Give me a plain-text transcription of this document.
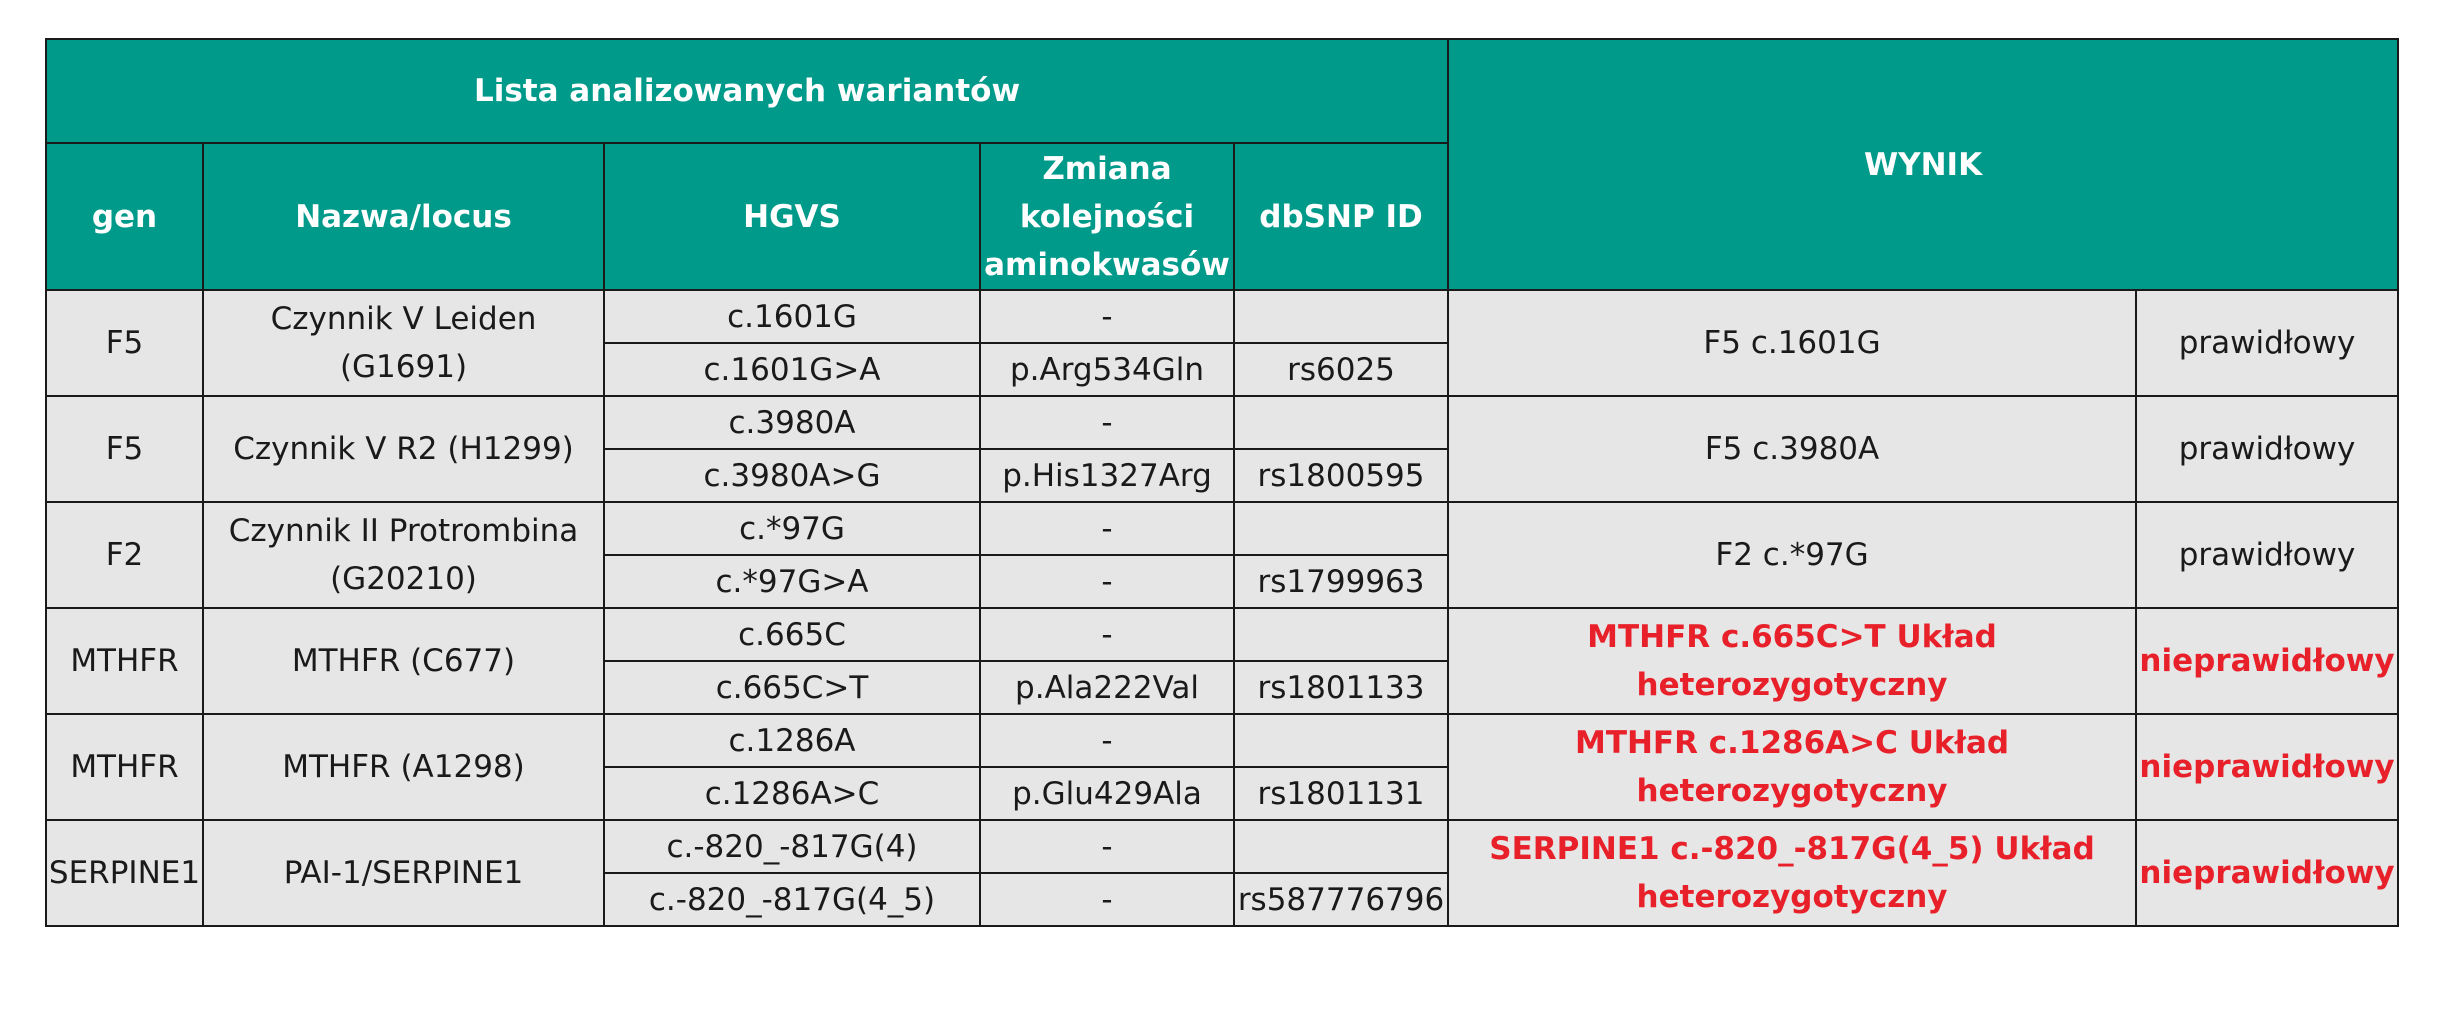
Lista analizowanych wariantów					WYNIK	
gen	Nazwa/locus	HGVS	Zmiana kolejności aminokwasów	dbSNP ID		
F5	Czynnik V Leiden (G1691)	c.1601G	-		F5 c.1601G	prawidłowy
		c.1601G>A	p.Arg534Gln	rs6025		
F5	Czynnik V R2 (H1299)	c.3980A	-		F5 c.3980A	prawidłowy
		c.3980A>G	p.His1327Arg	rs1800595		
F2	Czynnik II Protrombina (G20210)	c.*97G	-		F2 c.*97G	prawidłowy
		c.*97G>A	-	rs1799963		
MTHFR	MTHFR (C677)	c.665C	-		MTHFR c.665C>T Układ heterozygotyczny	nieprawidłowy
		c.665C>T	p.Ala222Val	rs1801133		
MTHFR	MTHFR (A1298)	c.1286A	-		MTHFR c.1286A>C Układ heterozygotyczny	nieprawidłowy
		c.1286A>C	p.Glu429Ala	rs1801131		
SERPINE1	PAI-1/SERPINE1	c.-820_-817G(4)	-		SERPINE1 c.-820_-817G(4_5) Układ heterozygotyczny	nieprawidłowy
		c.-820_-817G(4_5)	-	rs587776796		
